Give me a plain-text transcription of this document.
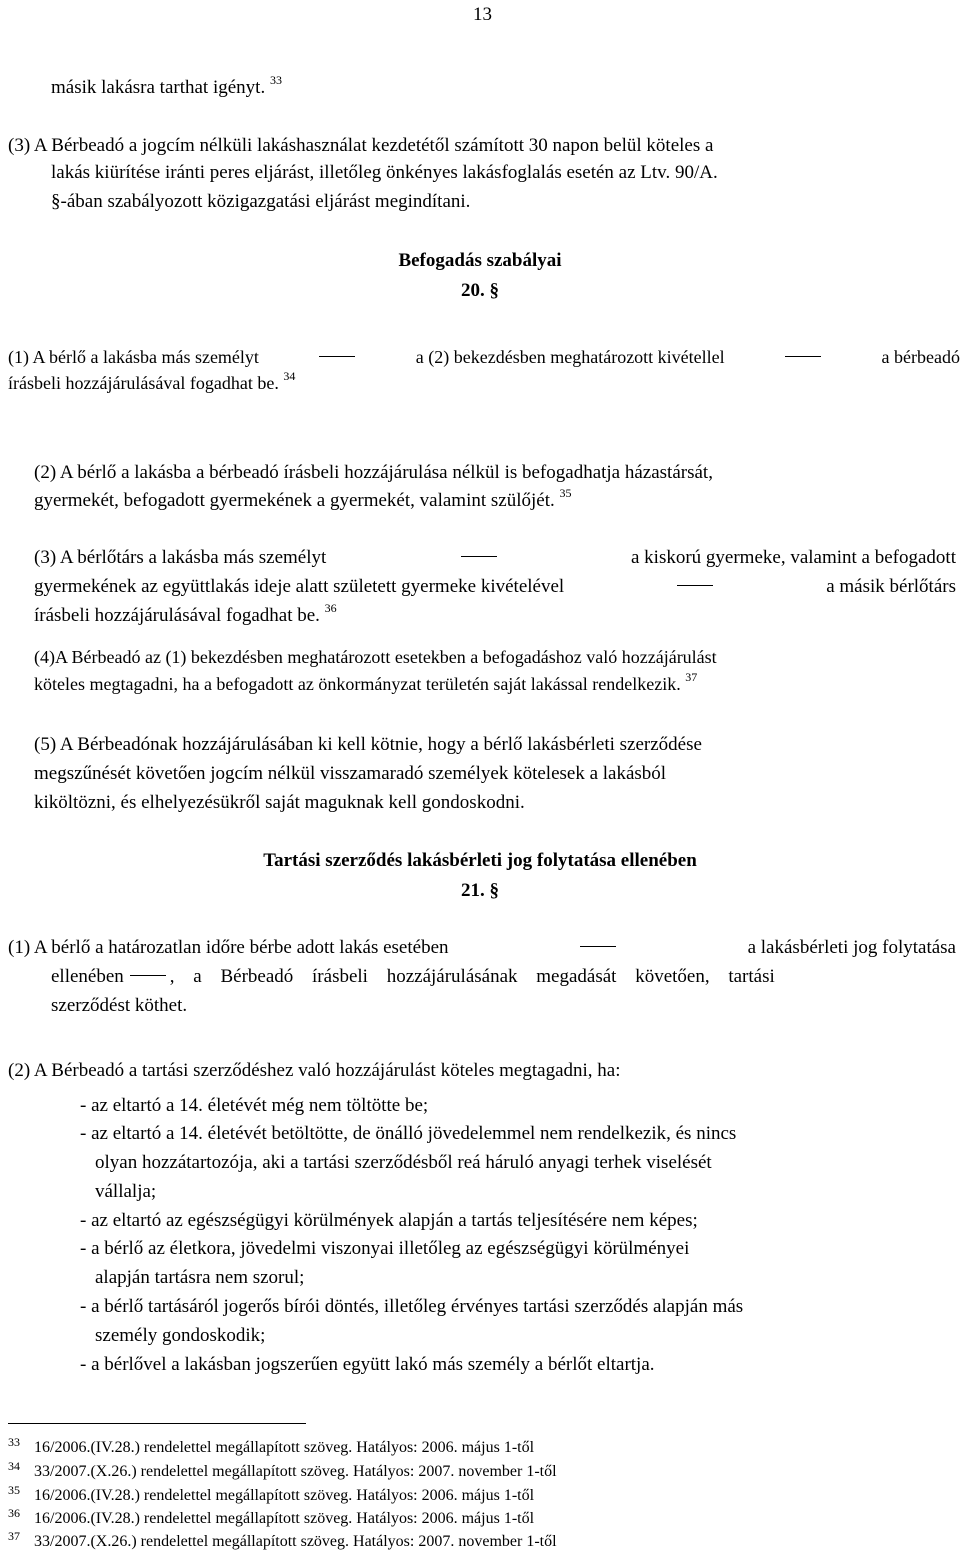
13
másik lakásra tarthat igényt. $^{33}$
(3) A Bérbeadó a jogcím nélküli lakáshasználat kezdetétől számított 30 napon belül köteles a
lakás kiürítése iránti peres eljárást, illetőleg önkényes lakásfoglalás esetén az Ltv. 90/A.
§-ában szabályozott közigazgatási eljárást megindítani.
Befogadás szabályai
20. §
(1) A bérlő a lakásba más személyt	a (2) bekezdésben meghatározott kivétellel	a bérbeadó
írásbeli hozzájárulásával fogadhat be. $^{34}$
(2) A bérlő a lakásba a bérbeadó írásbeli hozzájárulása nélkül is befogadhatja házastársát,
gyermekét, befogadott gyermekének a gyermekét, valamint szülőjét. $^{35}$
(3) A bérlőtárs a lakásba más személyt	a kiskorú gyermeke, valamint a befogadott
gyermekének az együttlakás ideje alatt született gyermeke kivételével	a másik bérlőtárs
írásbeli hozzájárulásával fogadhat be. $^{36}$
(4)A Bérbeadó az (1) bekezdésben meghatározott esetekben a befogadáshoz való hozzájárulást
köteles megtagadni, ha a befogadott az önkormányzat területén saját lakással rendelkezik. $^{37}$
(5) A Bérbeadónak hozzájárulásában ki kell kötnie, hogy a bérlő lakásbérleti szerződése
megszűnését követően jogcím nélkül visszamaradó személyek kötelesek a lakásból
kiköltözni, és elhelyezésükről saját maguknak kell gondoskodni.
Tartási szerződés lakásbérleti jog folytatása ellenében
21. §
(1) A bérlő a határozatlan időre bérbe adott lakás esetében	a lakásbérleti jog folytatása
ellenében , a Bérbeadó írásbeli hozzájárulásának megadását követően, tartási
szerződést köthet.
(2) A Bérbeadó a tartási szerződéshez való hozzájárulást köteles megtagadni, ha:
- az eltartó a 14. életévét még nem töltötte be;
- az eltartó a 14. életévét betöltötte, de önálló jövedelemmel nem rendelkezik, és nincs
olyan hozzátartozója, aki a tartási szerződésből reá háruló anyagi terhek viselését
vállalja;
- az eltartó az egészségügyi körülmények alapján a tartás teljesítésére nem képes;
- a bérlő az életkora, jövedelmi viszonyai illetőleg az egészségügyi körülményei
alapján tartásra nem szorul;
- a bérlő tartásáról jogerős bírói döntés, illetőleg érvényes tartási szerződés alapján más
személy gondoskodik;
- a bérlővel a lakásban jogszerűen együtt lakó más személy a bérlőt eltartja.
$^{33}$ 16/2006.(IV.28.) rendelettel megállapított szöveg. Hatályos: 2006. május 1-től
$^{34}$ 33/2007.(X.26.) rendelettel megállapított szöveg. Hatályos: 2007. november 1-től
$^{35}$ 16/2006.(IV.28.) rendelettel megállapított szöveg. Hatályos: 2006. május 1-től
$^{36}$ 16/2006.(IV.28.) rendelettel megállapított szöveg. Hatályos: 2006. május 1-től
$^{37}$ 33/2007.(X.26.) rendelettel megállapított szöveg. Hatályos: 2007. november 1-től
